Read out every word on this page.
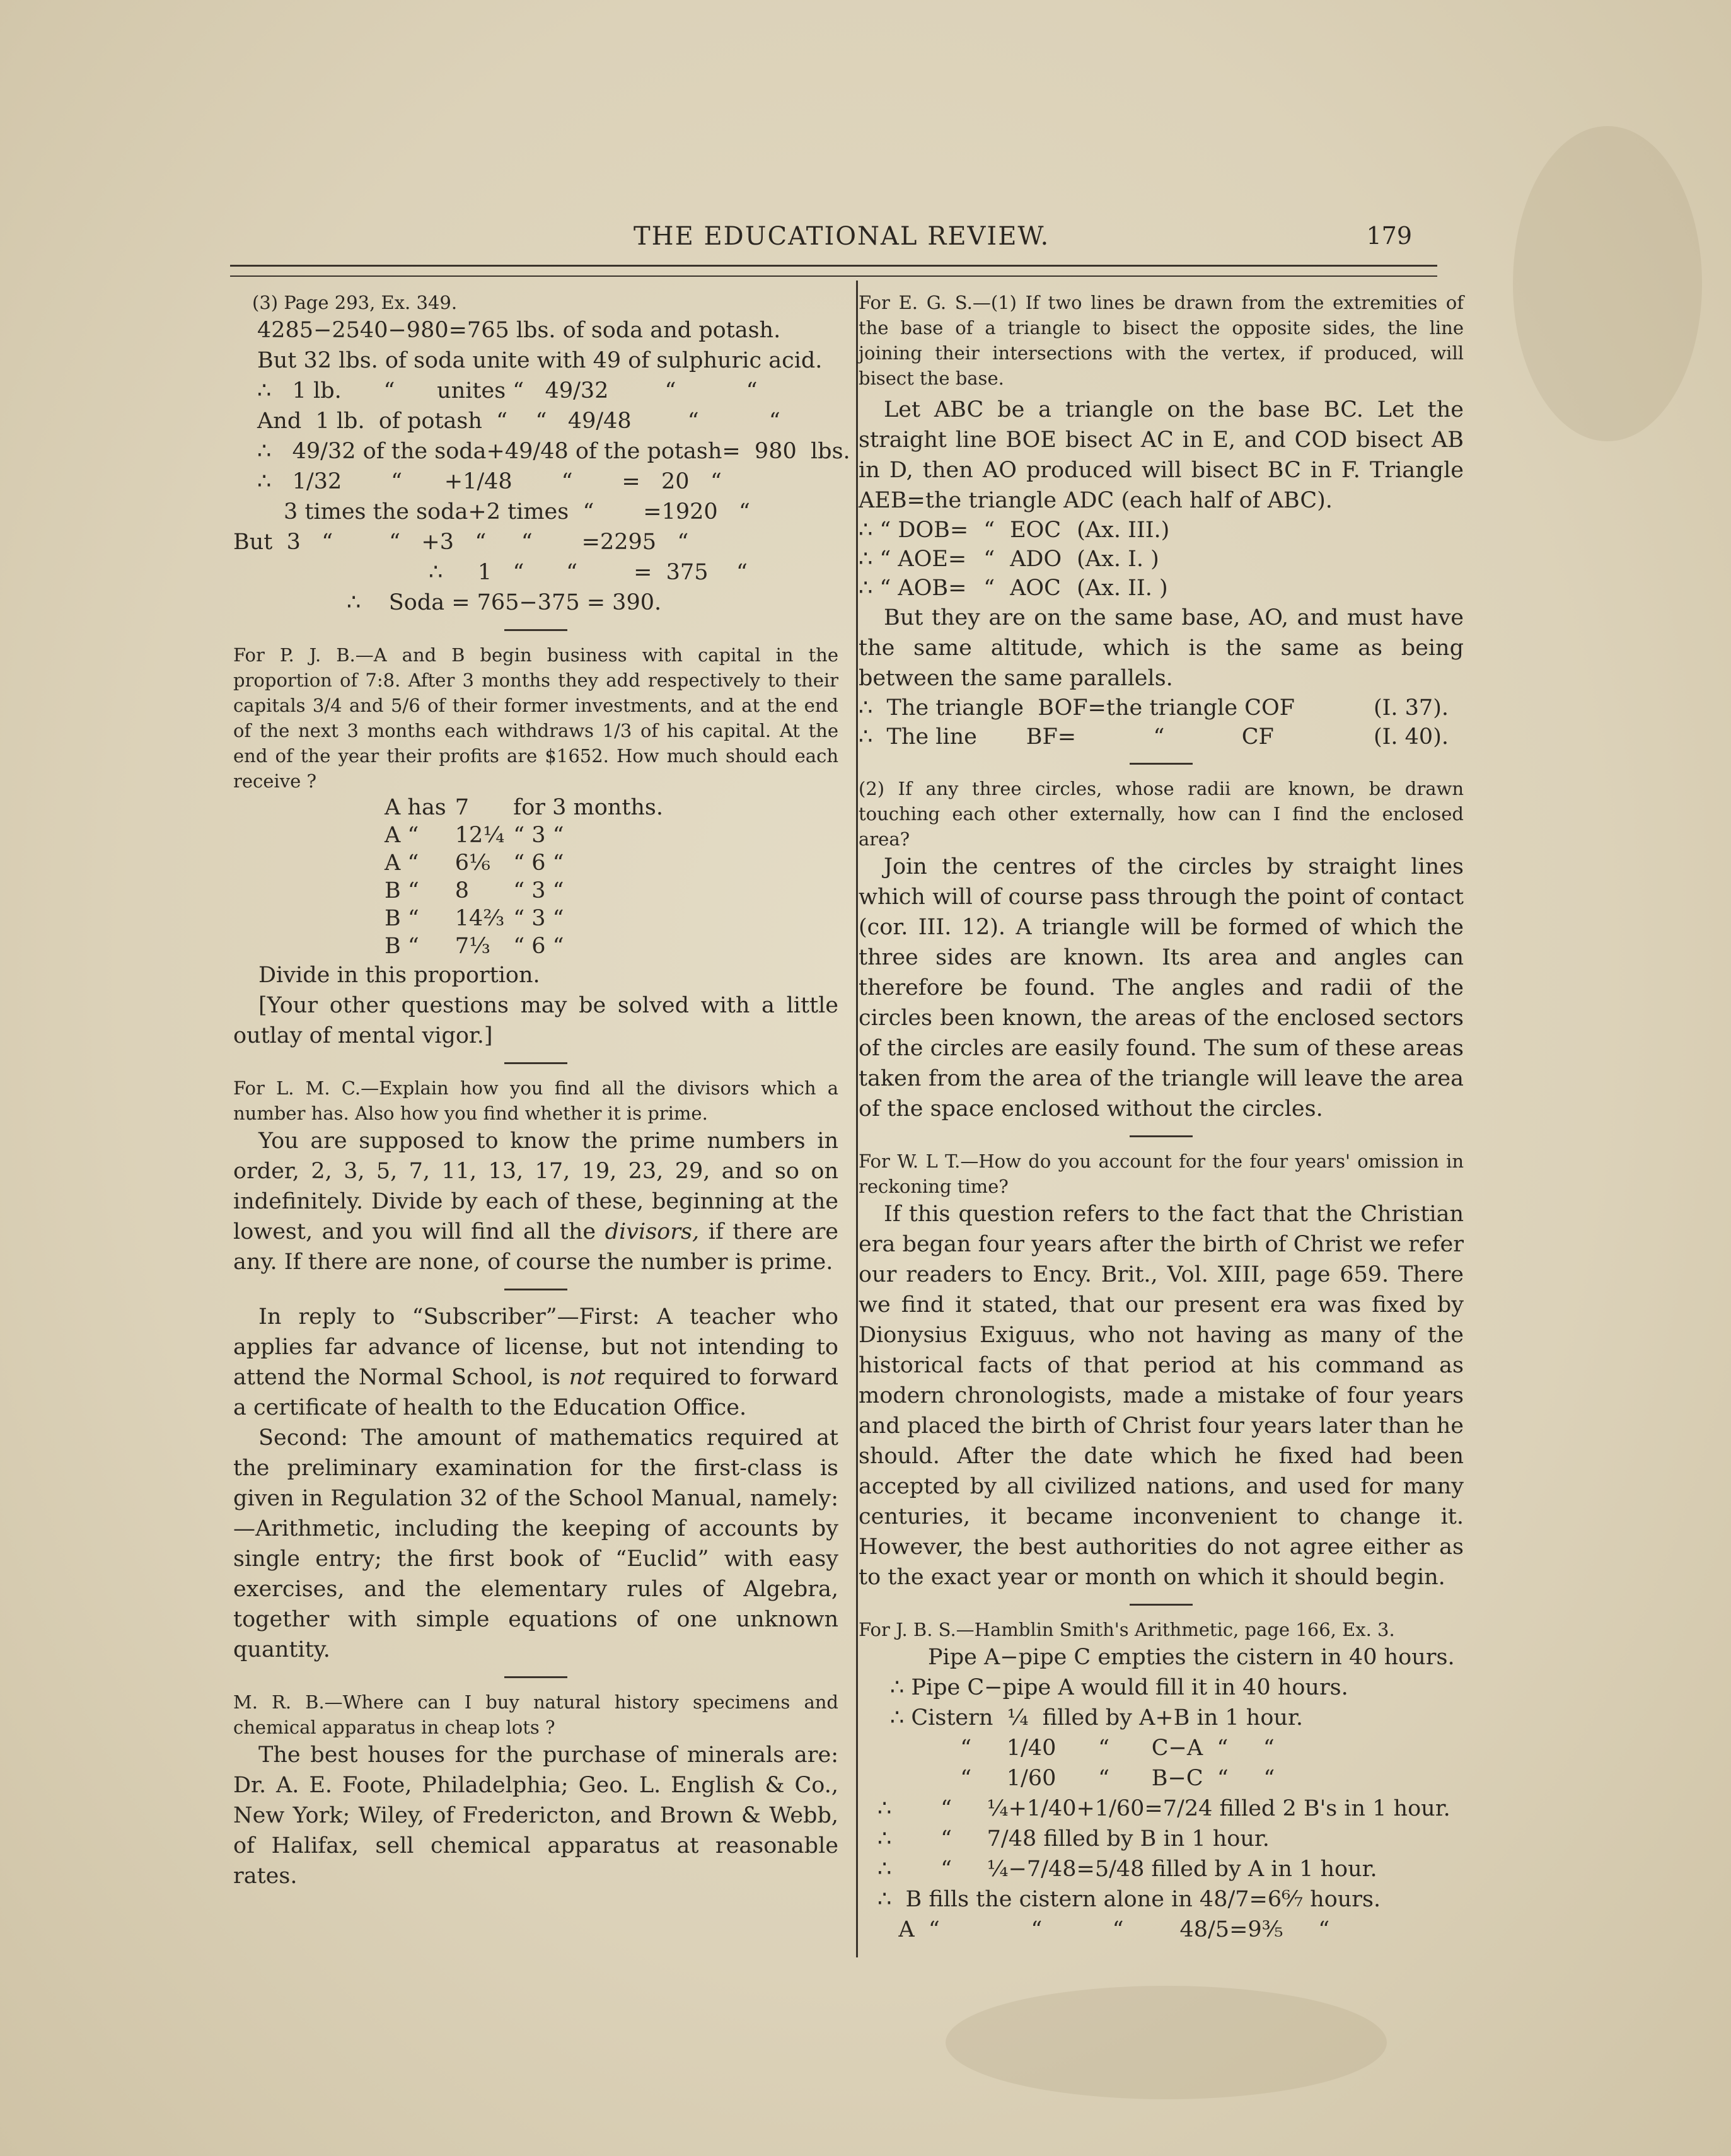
THE EDUCATIONAL REVIEW.	179

(3) Page 293, Ex. 349.

4285−2540−980=765 lbs. of soda and potash.

But 32 lbs. of soda unite with 49 of sulphuric acid.

∴   1 lb.      “      unites “   49/32        “          “

And  1 lb.  of potash  “    “   49/48        “          “

∴   49/32 of the soda+49/48 of the potash=  980  lbs.

∴   1/32       “      +1/48       “       =   20   “

3 times the soda+2 times  “       =1920   “

But  3   “        “   +3   “     “       =2295   “

∴     1   “      “        =  375    “

∴    Soda = 765−375 = 390.

For P. J. B.—A and B begin business with capital in the proportion of 7:8. After 3 months they add respectively to their capitals 3/4 and 5/6 of their former investments, and at the end of the next 3 months each withdraws 1/3 of his capital. At the end of the year their profits are $1652. How much should each receive ?

A has	7	for 3 months.
A “	12¼	“ 3 “
A “	6⅙	“ 6 “
B “	8	“ 3 “
B “	14⅔	“ 3 “
B “	7⅓	“ 6 “

Divide in this proportion.

[Your other questions may be solved with a little outlay of mental vigor.]

For L. M. C.—Explain how you find all the divisors which a number has. Also how you find whether it is prime.

You are supposed to know the prime numbers in order, 2, 3, 5, 7, 11, 13, 17, 19, 23, 29, and so on indefinitely. Divide by each of these, beginning at the lowest, and you will find all the divisors, if there are any. If there are none, of course the number is prime.

In reply to “Subscriber”—First: A teacher who applies far advance of license, but not intending to attend the Normal School, is not required to forward a certificate of health to the Education Office.

Second: The amount of mathematics required at the preliminary examination for the first-class is given in Regulation 32 of the School Manual, namely:—Arithmetic, including the keeping of accounts by single entry; the first book of “Euclid” with easy exercises, and the elementary rules of Algebra, together with simple equations of one unknown quantity.

M. R. B.—Where can I buy natural history specimens and chemical apparatus in cheap lots ?

The best houses for the purchase of minerals are: Dr. A. E. Foote, Philadelphia; Geo. L. English & Co., New York; Wiley, of Fredericton, and Brown & Webb, of Halifax, sell chemical apparatus at reasonable rates.

For E. G. S.—(1) If two lines be drawn from the extremities of the base of a triangle to bisect the opposite sides, the line joining their intersections with the vertex, if produced, will bisect the base.

Let ABC be a triangle on the base BC. Let the straight line BOE bisect AC in E, and COD bisect AB in D, then AO produced will bisect BC in F. Triangle AEB=the triangle ADC (each half of ABC).

∴ “ DOB=	“	EOC	(Ax. III.)
∴ “ AOE=	“	ADO	(Ax. I. )
∴ “ AOB=	“	AOC	(Ax. II. )

But they are on the same base, AO, and must have the same altitude, which is the same as being between the same parallels.

∴  The triangle  BOF=the triangle COF	(I. 37).
∴  The line       BF=           “           CF	(I. 40).

(2) If any three circles, whose radii are known, be drawn touching each other externally, how can I find the enclosed area?

Join the centres of the circles by straight lines which will of course pass through the point of contact (cor. III. 12). A triangle will be formed of which the three sides are known. Its area and angles can therefore be found. The angles and radii of the circles been known, the areas of the enclosed sectors of the circles are easily found. The sum of these areas taken from the area of the triangle will leave the area of the space enclosed without the circles.

For W. L T.—How do you account for the four years' omission in reckoning time?

If this question refers to the fact that the Christian era began four years after the birth of Christ we refer our readers to Ency. Brit., Vol. XIII, page 659. There we find it stated, that our present era was fixed by Dionysius Exiguus, who not having as many of the historical facts of that period at his command as modern chronologists, made a mistake of four years and placed the birth of Christ four years later than he should. After the date which he fixed had been accepted by all civilized nations, and used for many centuries, it became inconvenient to change it. However, the best authorities do not agree either as to the exact year or month on which it should begin.

For J. B. S.—Hamblin Smith's Arithmetic, page 166, Ex. 3.

Pipe A−pipe C empties the cistern in 40 hours.

∴ Pipe C−pipe A would fill it in 40 hours.

∴ Cistern  ¼  filled by A+B in 1 hour.

“     1/40      “      C−A  “     “

“     1/60      “      B−C  “     “

∴       “     ¼+1/40+1/60=7/24 filled 2 B's in 1 hour.

∴       “     7/48 filled by B in 1 hour.

∴       “     ¼−7/48=5/48 filled by A in 1 hour.

∴  B fills the cistern alone in 48/7=6⁶⁄₇ hours.

A  “             “          “        48/5=9⅗     “
